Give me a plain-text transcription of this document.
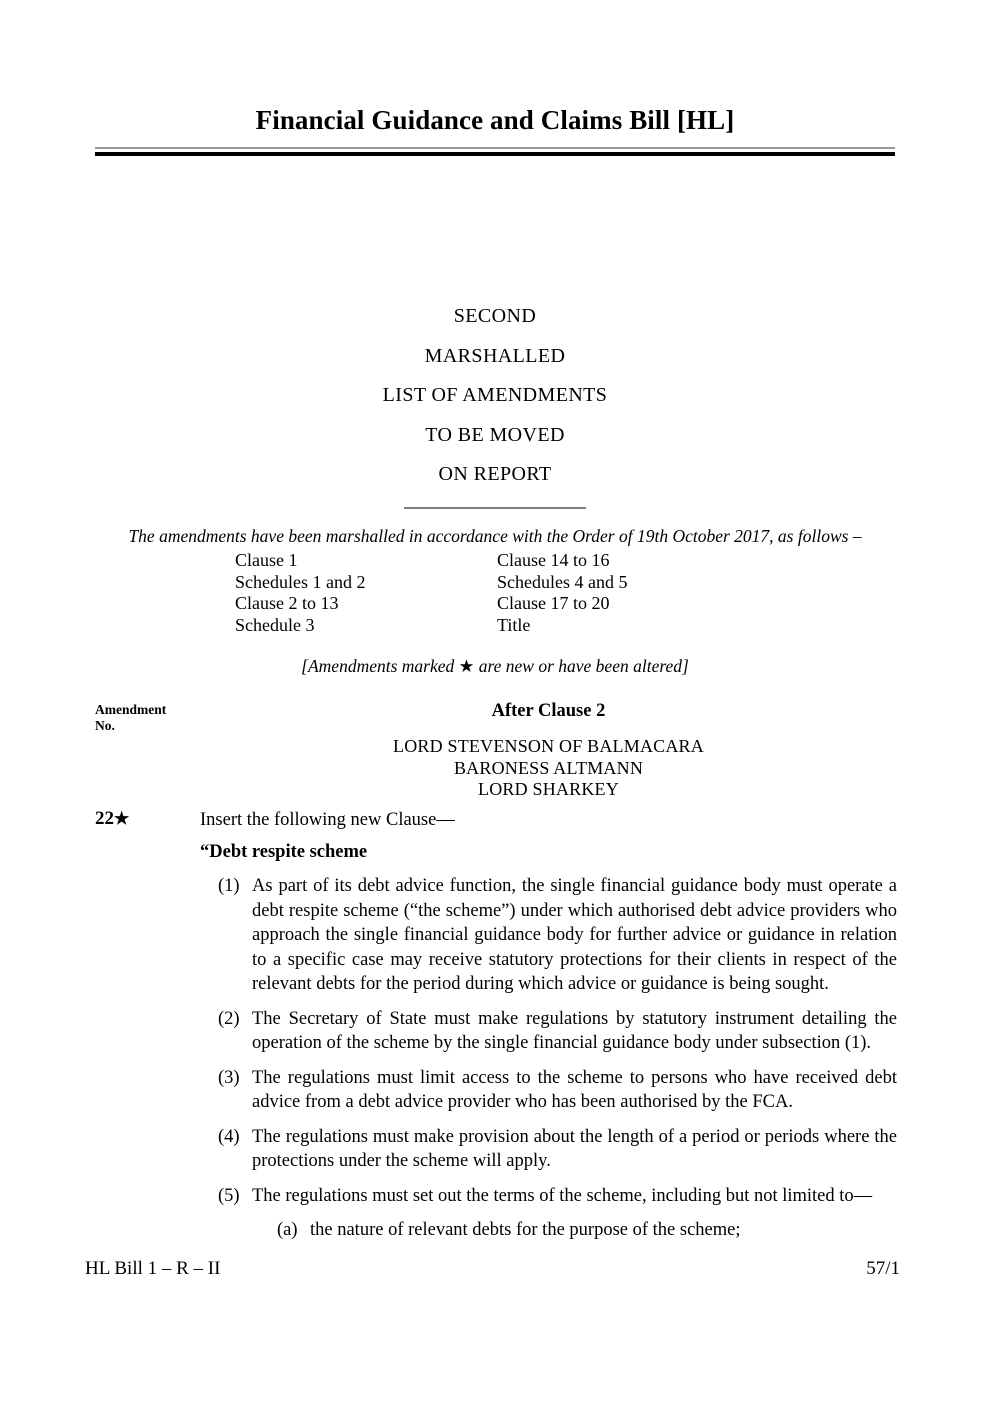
Financial Guidance and Claims Bill [HL]
SECOND
MARSHALLED
LIST OF AMENDMENTS
TO BE MOVED
ON REPORT
The amendments have been marshalled in accordance with the Order of 19th October 2017, as follows –
Clause 1	Clause 14 to 16
Schedules 1 and 2	Schedules 4 and 5
Clause 2 to 13	Clause 17 to 20
Schedule 3	Title
[Amendments marked ★ are new or have been altered]
Amendment
No.
After Clause 2
LORD STEVENSON OF BALMACARA
BARONESS ALTMANN
LORD SHARKEY
22★	Insert the following new Clause—
“Debt respite scheme
(1) As part of its debt advice function, the single financial guidance body must operate a debt respite scheme (“the scheme”) under which authorised debt advice providers who approach the single financial guidance body for further advice or guidance in relation to a specific case may receive statutory protections for their clients in respect of the relevant debts for the period during which advice or guidance is being sought.
(2) The Secretary of State must make regulations by statutory instrument detailing the operation of the scheme by the single financial guidance body under subsection (1).
(3) The regulations must limit access to the scheme to persons who have received debt advice from a debt advice provider who has been authorised by the FCA.
(4) The regulations must make provision about the length of a period or periods where the protections under the scheme will apply.
(5) The regulations must set out the terms of the scheme, including but not limited to—
(a) the nature of relevant debts for the purpose of the scheme;
HL Bill 1 – R – II	57/1
